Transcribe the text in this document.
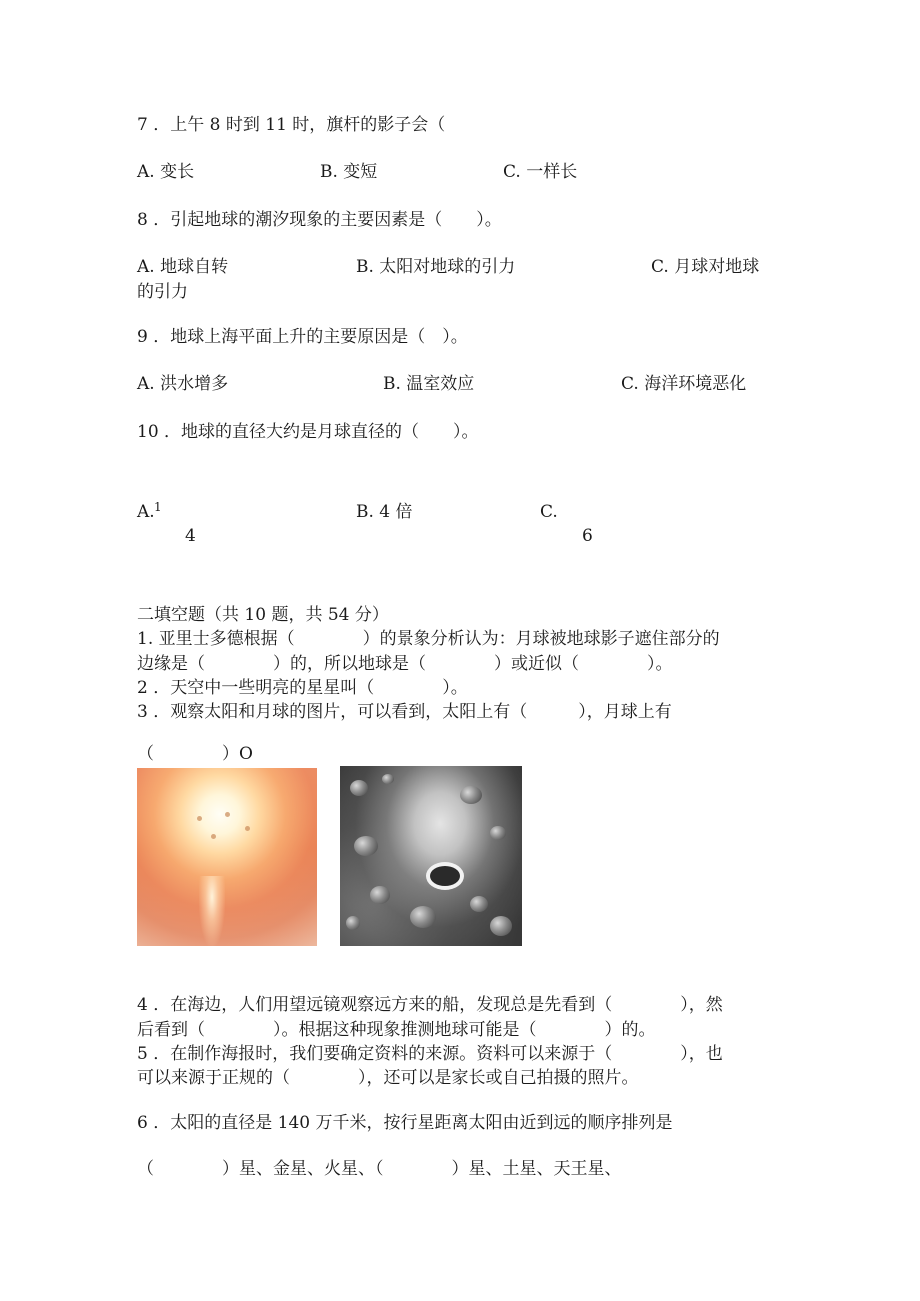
7 ．上午 8 时到 11 时，旗杆的影子会（
A. 变长	B. 变短	C. 一样长
8 ．引起地球的潮汐现象的主要因素是（　　）。
A. 地球自转	B. 太阳对地球的引力	C. 月球对地球
的引力
9 ．地球上海平面上升的主要原因是（　）。
A. 洪水增多	B. 温室效应	C. 海洋环境恶化
10 ．地球的直径大约是月球直径的（　　）。
A. 1
4
B. 4 倍	C.
6
二填空题（共 10 题，共 54 分）
1. 亚里士多德根据（　　　　）的景象分析认为：月球被地球影子遮住部分的
边缘是（　　　　）的，所以地球是（　　　　）或近似（　　　　）。
2 ．天空中一些明亮的星星叫（　　　　）。
3 ．观察太阳和月球的图片，可以看到，太阳上有（　　　），月球上有
（　　　　）O
4 ．在海边，人们用望远镜观察远方来的船，发现总是先看到（　　　　），然
后看到（　　　　）。根据这种现象推测地球可能是（　　　　）的。
5 ．在制作海报时，我们要确定资料的来源。资料可以来源于（　　　　），也
可以来源于正规的（　　　　），还可以是家长或自己拍摄的照片。
6 ．太阳的直径是 140 万千米，按行星距离太阳由近到远的顺序排列是
（　　　　）星、金星、火星、（　　　　）星、土星、天王星、
